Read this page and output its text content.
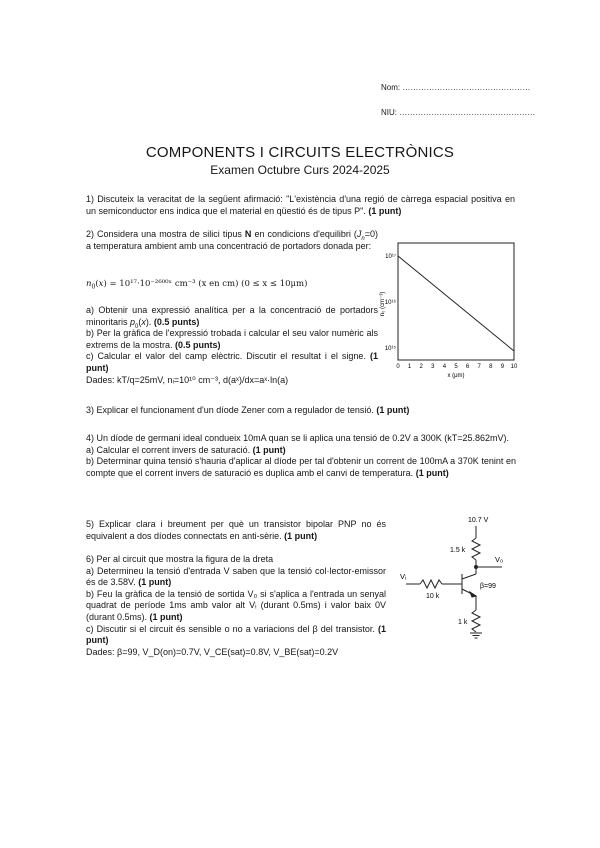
Nom: …………………………………………
NIU: ……………………………………………
COMPONENTS I CIRCUITS ELECTRÒNICS
Examen Octubre Curs 2024-2025
1) Discuteix la veracitat de la següent afirmació: "L'existència d'una regió de càrrega espacial positiva en un semiconductor ens indica que el material en qüestió és de tipus P". (1 punt)
2) Considera una mostra de silici tipus N en condicions d'equilibri $(J_n=0)$ a temperatura ambient amb una concentració de portadors donada per:
$n_0(x)$ = 10¹⁷·10⁻²⁶⁰⁰ˣ cm⁻³ (x en cm) (0 ≤ x ≤ 10μm)
a) Obtenir una expressió analítica per a la concentració de portadors minoritaris $p_0(x)$. (0.5 punts)
b) Per la gràfica de l'expressió trobada i calcular el seu valor numèric als extrems de la mostra. (0.5 punts)
c) Calcular el valor del camp elèctric. Discutir el resultat i el signe. (1 punt)
Dades: kT/q=25mV, nᵢ=10¹⁰ cm⁻³, d(aˣ)/dx=aˣ·ln(a)
10¹⁷
10¹⁶
10¹⁵
n₀ (cm⁻³)
0 1 2 3 4 5 6 7 8 9 10
x (μm)
3) Explicar el funcionament d'un díode Zener com a regulador de tensió. (1 punt)
4) Un díode de germani ideal condueix 10mA quan se li aplica una tensió de 0.2V a 300K (kT=25.862mV).
a) Calcular el corrent invers de saturació. (1 punt)
b) Determinar quina tensió s'hauria d'aplicar al díode per tal d'obtenir un corrent de 100mA a 370K tenint en compte que el corrent invers de saturació es duplica amb el canvi de temperatura. (1 punt)
5) Explicar clara i breument per què un transistor bipolar PNP no és equivalent a dos díodes connectats en anti-sèrie. (1 punt)
6) Per al circuit que mostra la figura de la dreta
a) Determineu la tensió d'entrada V saben que la tensió col·lector-emissor és de 3.58V. (1 punt)
b) Feu la gràfica de la tensió de sortida V₀ si s'aplica a l'entrada un senyal quadrat de període 1ms amb valor alt Vᵢ (durant 0.5ms) i valor baix 0V (durant 0.5ms). (1 punt)
c) Discutir si el circuit és sensible o no a variacions del β del transistor. (1 punt)
Dades: β=99, V_D(on)=0.7V, V_CE(sat)=0.8V, V_BE(sat)=0.2V
10.7 V
1.5 k
V₀
Vᵢ
10 k
β=99
1 k
